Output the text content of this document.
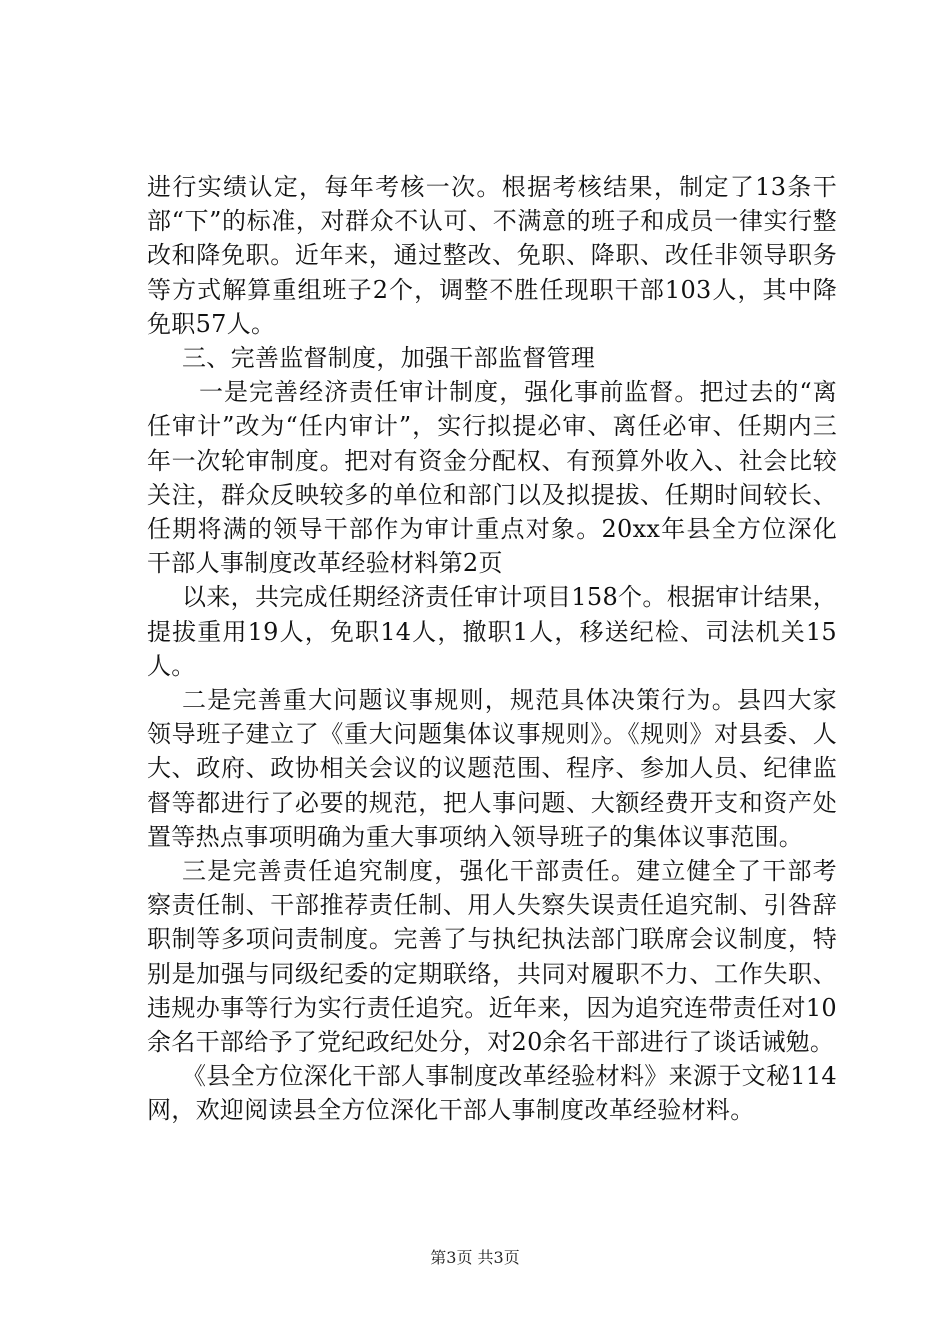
进行实绩认定，每年考核一次。根据考核结果，制定了13条干部“下”的标准，对群众不认可、不满意的班子和成员一律实行整改和降免职。近年来，通过整改、免职、降职、改任非领导职务等方式解算重组班子2个，调整不胜任现职干部103人，其中降免职57人。

三、完善监督制度，加强干部监督管理

一是完善经济责任审计制度，强化事前监督。把过去的“离任审计”改为“任内审计”，实行拟提必审、离任必审、任期内三年一次轮审制度。把对有资金分配权、有预算外收入、社会比较关注，群众反映较多的单位和部门以及拟提拔、任期时间较长、任期将满的领导干部作为审计重点对象。20xx年县全方位深化干部人事制度改革经验材料第2页

以来，共完成任期经济责任审计项目158个。根据审计结果，提拔重用19人，免职14人，撤职1人，移送纪检、司法机关15人。

二是完善重大问题议事规则，规范具体决策行为。县四大家领导班子建立了《重大问题集体议事规则》。《规则》对县委、人大、政府、政协相关会议的议题范围、程序、参加人员、纪律监督等都进行了必要的规范，把人事问题、大额经费开支和资产处置等热点事项明确为重大事项纳入领导班子的集体议事范围。

三是完善责任追究制度，强化干部责任。建立健全了干部考察责任制、干部推荐责任制、用人失察失误责任追究制、引咎辞职制等多项问责制度。完善了与执纪执法部门联席会议制度，特别是加强与同级纪委的定期联络，共同对履职不力、工作失职、违规办事等行为实行责任追究。近年来，因为追究连带责任对10余名干部给予了党纪政纪处分，对20余名干部进行了谈话诫勉。

《县全方位深化干部人事制度改革经验材料》来源于文秘114网，欢迎阅读县全方位深化干部人事制度改革经验材料。

第3页 共3页
